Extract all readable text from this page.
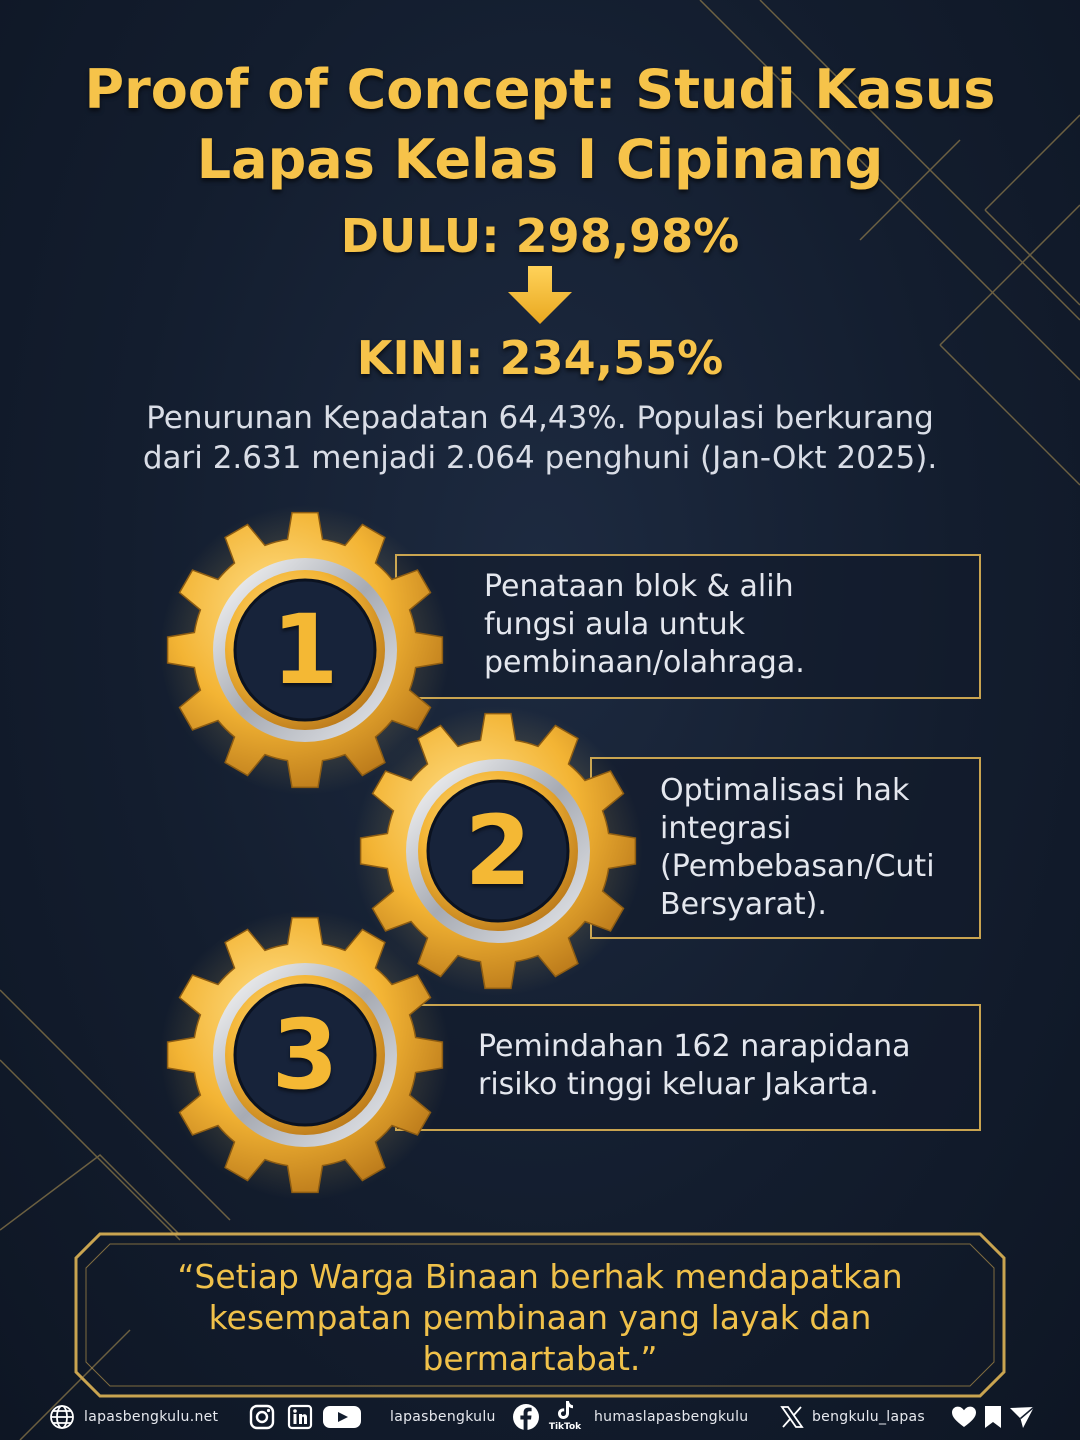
Proof of Concept: Studi Kasus
Lapas Kelas I Cipinang
DULU: 298,98%
KINI: 234,55%
Penurunan Kepadatan 64,43%. Populasi berkurang
dari 2.631 menjadi 2.064 penghuni (Jan-Okt 2025).
Penataan blok & alih
fungsi aula untuk
pembinaan/olahraga.
Optimalisasi hak
integrasi
(Pembebasan/Cuti
Bersyarat).
Pemindahan 162 narapidana
risiko tinggi keluar Jakarta.
1
2
3
“Setiap Warga Binaan berhak mendapatkan
kesempatan pembinaan yang layak dan
bermartabat.”
lapasbengkulu.net	lapasbengkulu
TikTok
humaslapasbengkulu	bengkulu_lapas
